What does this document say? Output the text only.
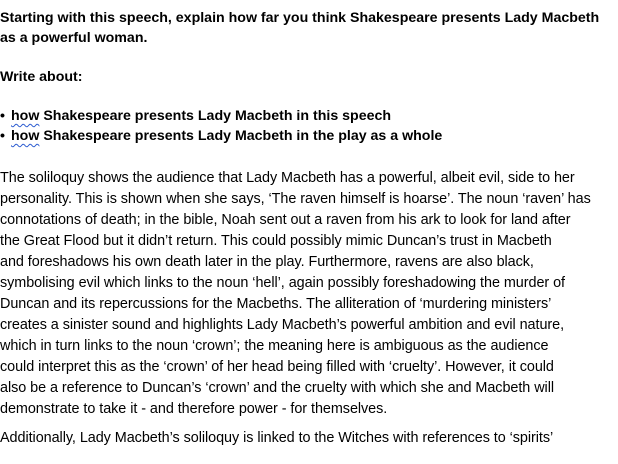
Starting with this speech, explain how far you think Shakespeare presents Lady Macbeth

as a powerful woman.

Write about:

• how Shakespeare presents Lady Macbeth in this speech

• how Shakespeare presents Lady Macbeth in the play as a whole

The soliloquy shows the audience that Lady Macbeth has a powerful, albeit evil, side to her
personality. This is shown when she says, ‘The raven himself is hoarse’. The noun ‘raven’ has
connotations of death; in the bible, Noah sent out a raven from his ark to look for land after
the Great Flood but it didn’t return. This could possibly mimic Duncan’s trust in Macbeth
and foreshadows his own death later in the play. Furthermore, ravens are also black,
symbolising evil which links to the noun ‘hell’, again possibly foreshadowing the murder of
Duncan and its repercussions for the Macbeths. The alliteration of ‘murdering ministers’
creates a sinister sound and highlights Lady Macbeth’s powerful ambition and evil nature,
which in turn links to the noun ‘crown’; the meaning here is ambiguous as the audience
could interpret this as the ‘crown’ of her head being filled with ‘cruelty’. However, it could
also be a reference to Duncan’s ‘crown’ and the cruelty with which she and Macbeth will
demonstrate to take it - and therefore power - for themselves.

Additionally, Lady Macbeth’s soliloquy is linked to the Witches with references to ‘spirits’
